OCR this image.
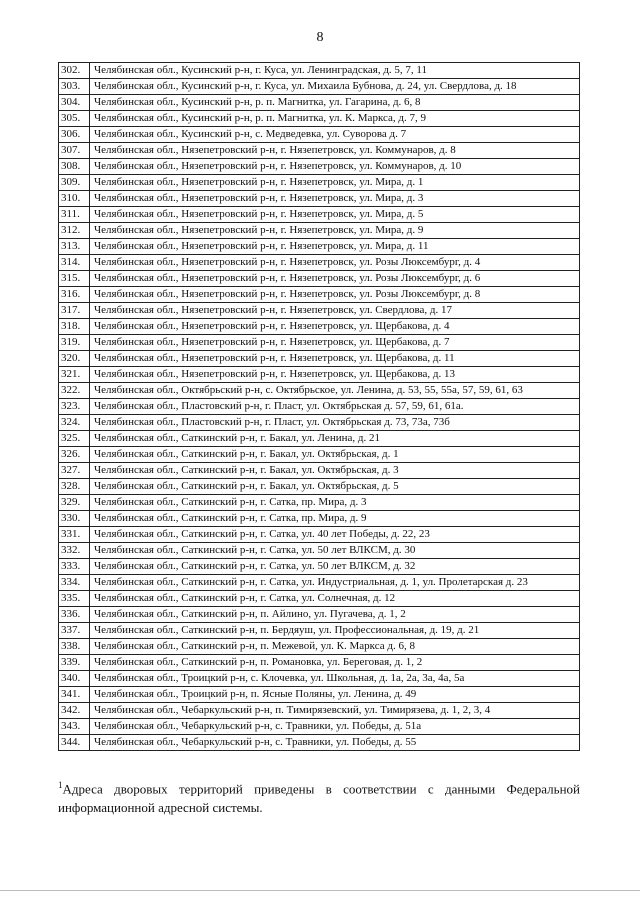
8
302.	Челябинская обл., Кусинский р-н, г. Куса, ул. Ленинградская, д. 5, 7, 11
303.	Челябинская обл., Кусинский р-н, г. Куса, ул. Михаила Бубнова, д. 24, ул. Свердлова, д. 18
304.	Челябинская обл., Кусинский р-н, р. п. Магнитка, ул. Гагарина, д. 6, 8
305.	Челябинская обл., Кусинский р-н, р. п. Магнитка, ул. К. Маркса, д. 7, 9
306.	Челябинская обл., Кусинский р-н, с. Медведевка, ул. Суворова д. 7
307.	Челябинская обл., Нязепетровский р-н, г. Нязепетровск, ул. Коммунаров, д. 8
308.	Челябинская обл., Нязепетровский р-н, г. Нязепетровск, ул. Коммунаров, д. 10
309.	Челябинская обл., Нязепетровский р-н, г. Нязепетровск, ул. Мира, д. 1
310.	Челябинская обл., Нязепетровский р-н, г. Нязепетровск, ул. Мира, д. 3
311.	Челябинская обл., Нязепетровский р-н, г. Нязепетровск, ул. Мира, д. 5
312.	Челябинская обл., Нязепетровский р-н, г. Нязепетровск, ул. Мира, д. 9
313.	Челябинская обл., Нязепетровский р-н, г. Нязепетровск, ул. Мира, д. 11
314.	Челябинская обл., Нязепетровский р-н, г. Нязепетровск, ул. Розы Люксембург, д. 4
315.	Челябинская обл., Нязепетровский р-н, г. Нязепетровск, ул. Розы Люксембург, д. 6
316.	Челябинская обл., Нязепетровский р-н, г. Нязепетровск, ул. Розы Люксембург, д. 8
317.	Челябинская обл., Нязепетровский р-н, г. Нязепетровск, ул. Свердлова, д. 17
318.	Челябинская обл., Нязепетровский р-н, г. Нязепетровск, ул. Щербакова, д. 4
319.	Челябинская обл., Нязепетровский р-н, г. Нязепетровск, ул. Щербакова, д. 7
320.	Челябинская обл., Нязепетровский р-н, г. Нязепетровск, ул. Щербакова, д. 11
321.	Челябинская обл., Нязепетровский р-н, г. Нязепетровск, ул. Щербакова, д. 13
322.	Челябинская обл., Октябрьский р-н, с. Октябрьское, ул. Ленина, д. 53, 55, 55а, 57, 59, 61, 63
323.	Челябинская обл., Пластовский р-н, г. Пласт, ул. Октябрьская д. 57, 59, 61, 61а.
324.	Челябинская обл., Пластовский р-н, г. Пласт, ул. Октябрьская д. 73, 73а, 73б
325.	Челябинская обл., Саткинский р-н, г. Бакал, ул. Ленина, д. 21
326.	Челябинская обл., Саткинский р-н, г. Бакал, ул. Октябрьская, д. 1
327.	Челябинская обл., Саткинский р-н, г. Бакал, ул. Октябрьская, д. 3
328.	Челябинская обл., Саткинский р-н, г. Бакал, ул. Октябрьская, д. 5
329.	Челябинская обл., Саткинский р-н, г. Сатка, пр. Мира, д. 3
330.	Челябинская обл., Саткинский р-н, г. Сатка, пр. Мира, д. 9
331.	Челябинская обл., Саткинский р-н, г. Сатка, ул. 40 лет Победы, д. 22, 23
332.	Челябинская обл., Саткинский р-н, г. Сатка, ул. 50 лет ВЛКСМ, д. 30
333.	Челябинская обл., Саткинский р-н, г. Сатка, ул. 50 лет ВЛКСМ, д. 32
334.	Челябинская обл., Саткинский р-н, г. Сатка, ул. Индустриальная, д. 1, ул. Пролетарская д. 23
335.	Челябинская обл., Саткинский р-н, г. Сатка, ул. Солнечная, д. 12
336.	Челябинская обл., Саткинский р-н, п. Айлино, ул. Пугачева, д. 1, 2
337.	Челябинская обл., Саткинский р-н, п. Бердяуш, ул. Профессиональная, д. 19, д. 21
338.	Челябинская обл., Саткинский р-н, п. Межевой, ул. К. Маркса д. 6, 8
339.	Челябинская обл., Саткинский р-н, п. Романовка, ул. Береговая, д. 1, 2
340.	Челябинская обл., Троицкий р-н, с. Клочевка, ул. Школьная, д. 1а, 2а, 3а, 4а, 5а
341.	Челябинская обл., Троицкий р-н, п. Ясные Поляны, ул. Ленина, д. 49
342.	Челябинская обл., Чебаркульский р-н, п. Тимирязевский, ул. Тимирязева, д. 1, 2, 3, 4
343.	Челябинская обл., Чебаркульский р-н, с. Травники, ул. Победы, д. 51а
344.	Челябинская обл., Чебаркульский р-н, с. Травники, ул. Победы, д. 55
$^1$Адреса дворовых территорий приведены в соответствии с данными Федеральной информационной адресной системы.
